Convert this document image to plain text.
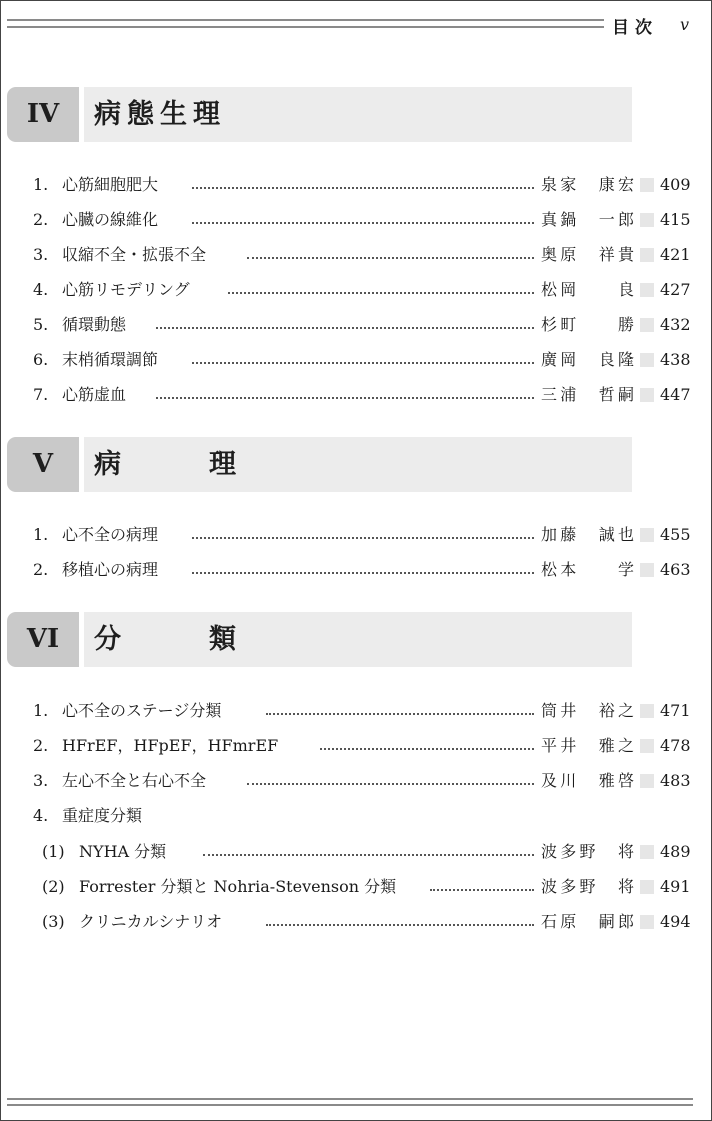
目次 v
IV	病態生理
1. 心筋細胞肥大	泉家　康宏 409
2. 心臓の線維化	真鍋　一郎 415
3. 収縮不全・拡張不全	奥原　祥貴 421
4. 心筋リモデリング	松岡　　良 427
5. 循環動態	杉町　　勝 432
6. 末梢循環調節	廣岡　良隆 438
7. 心筋虚血	三浦　哲嗣 447
V	病理
1. 心不全の病理	加藤　誠也 455
2. 移植心の病理	松本　　学 463
VI	分類
1. 心不全のステージ分類	筒井　裕之 471
2. HFrEF，HFpEF，HFmrEF	平井　雅之 478
3. 左心不全と右心不全	及川　雅啓 483
4. 重症度分類
(1) NYHA 分類	波多野　将 489
(2) Forrester 分類と Nohria-Stevenson 分類	波多野　将 491
(3) クリニカルシナリオ	石原　嗣郎 494
